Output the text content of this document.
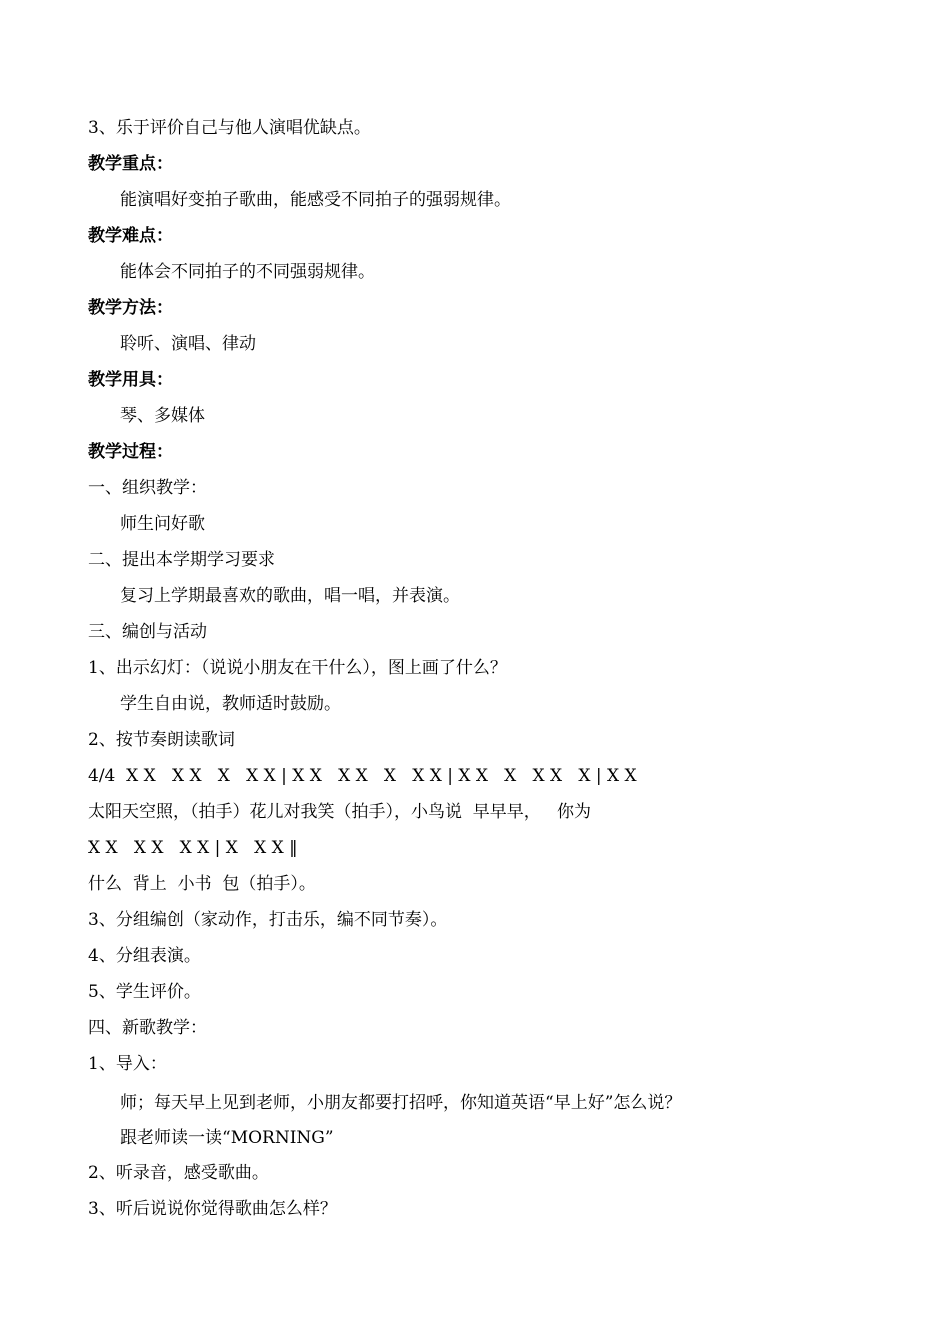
3、乐于评价自己与他人演唱优缺点。
教学重点：
能演唱好变拍子歌曲，能感受不同拍子的强弱规律。
教学难点：
能体会不同拍子的不同强弱规律。
教学方法：
聆听、演唱、律动
教学用具：
琴、多媒体
教学过程：
一、组织教学：
师生问好歌
二、提出本学期学习要求
复习上学期最喜欢的歌曲，唱一唱，并表演。
三、编创与活动
1、出示幻灯：（说说小朋友在干什么），图上画了什么？
学生自由说，教师适时鼓励。
2、按节奏朗读歌词
4/4  X X   X X   X   X X | X X   X X   X   X X | X X   X   X X   X | X X
太阳天空照，（拍手）花儿对我笑（拍手），小鸟说  早早早，   你为
X X   X X   X X | X   X X ‖
什么  背上  小书  包（拍手）。
3、分组编创（家动作，打击乐，编不同节奏）。
4、分组表演。
5、学生评价。
四、新歌教学：
1、导入：
师；每天早上见到老师，小朋友都要打招呼，你知道英语“早上好”怎么说？
跟老师读一读“MORNING”
2、听录音，感受歌曲。
3、听后说说你觉得歌曲怎么样？
